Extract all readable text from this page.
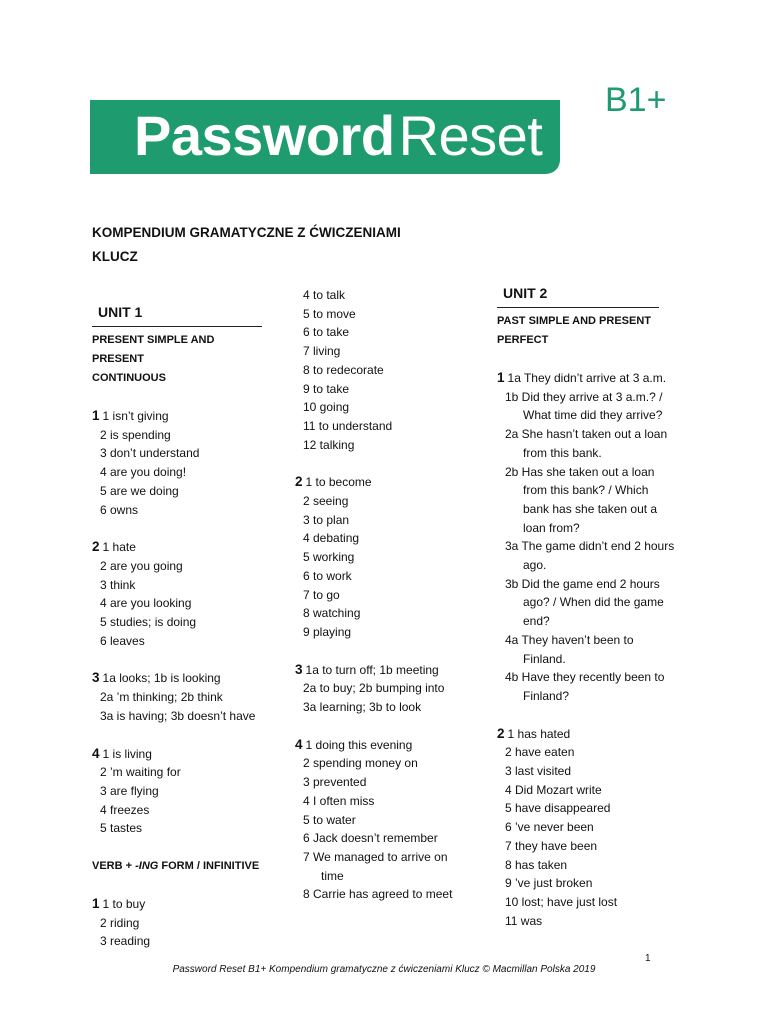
PasswordReset
B1+
KOMPENDIUM GRAMATYCZNE Z ĆWICZENIAMI
KLUCZ
UNIT 1
PRESENT SIMPLE AND PRESENT
CONTINUOUS
1 1 isn’t giving
2 is spending
3 don’t understand
4 are you doing!
5 are we doing
6 owns
2 1 hate
2 are you going
3 think
4 are you looking
5 studies; is doing
6 leaves
3 1a looks; 1b is looking
2a ’m thinking; 2b think
3a is having; 3b doesn’t have
4 1 is living
2 ’m waiting for
3 are flying
4 freezes
5 tastes
VERB + -ING FORM / INFINITIVE
1 1 to buy
2 riding
3 reading
4 to talk
5 to move
6 to take
7 living
8 to redecorate
9 to take
10 going
11 to understand
12 talking
2 1 to become
2 seeing
3 to plan
4 debating
5 working
6 to work
7 to go
8 watching
9 playing
3 1a to turn off; 1b meeting
2a to buy; 2b bumping into
3a learning; 3b to look
4 1 doing this evening
2 spending money on
3 prevented
4 I often miss
5 to water
6 Jack doesn’t remember
7 We managed to arrive on
time
8 Carrie has agreed to meet
UNIT 2
PAST SIMPLE AND PRESENT
PERFECT
1 1a They didn’t arrive at 3 a.m.
1b Did they arrive at 3 a.m.? /
What time did they arrive?
2a She hasn’t taken out a loan
from this bank.
2b Has she taken out a loan
from this bank? / Which
bank has she taken out a
loan from?
3a The game didn’t end 2 hours
ago.
3b Did the game end 2 hours
ago? / When did the game
end?
4a They haven’t been to
Finland.
4b Have they recently been to
Finland?
2 1 has hated
2 have eaten
3 last visited
4 Did Mozart write
5 have disappeared
6 ’ve never been
7 they have been
8 has taken
9 ’ve just broken
10 lost; have just lost
11 was
1
Password Reset B1+ Kompendium gramatyczne z ćwiczeniami Klucz © Macmillan Polska 2019
